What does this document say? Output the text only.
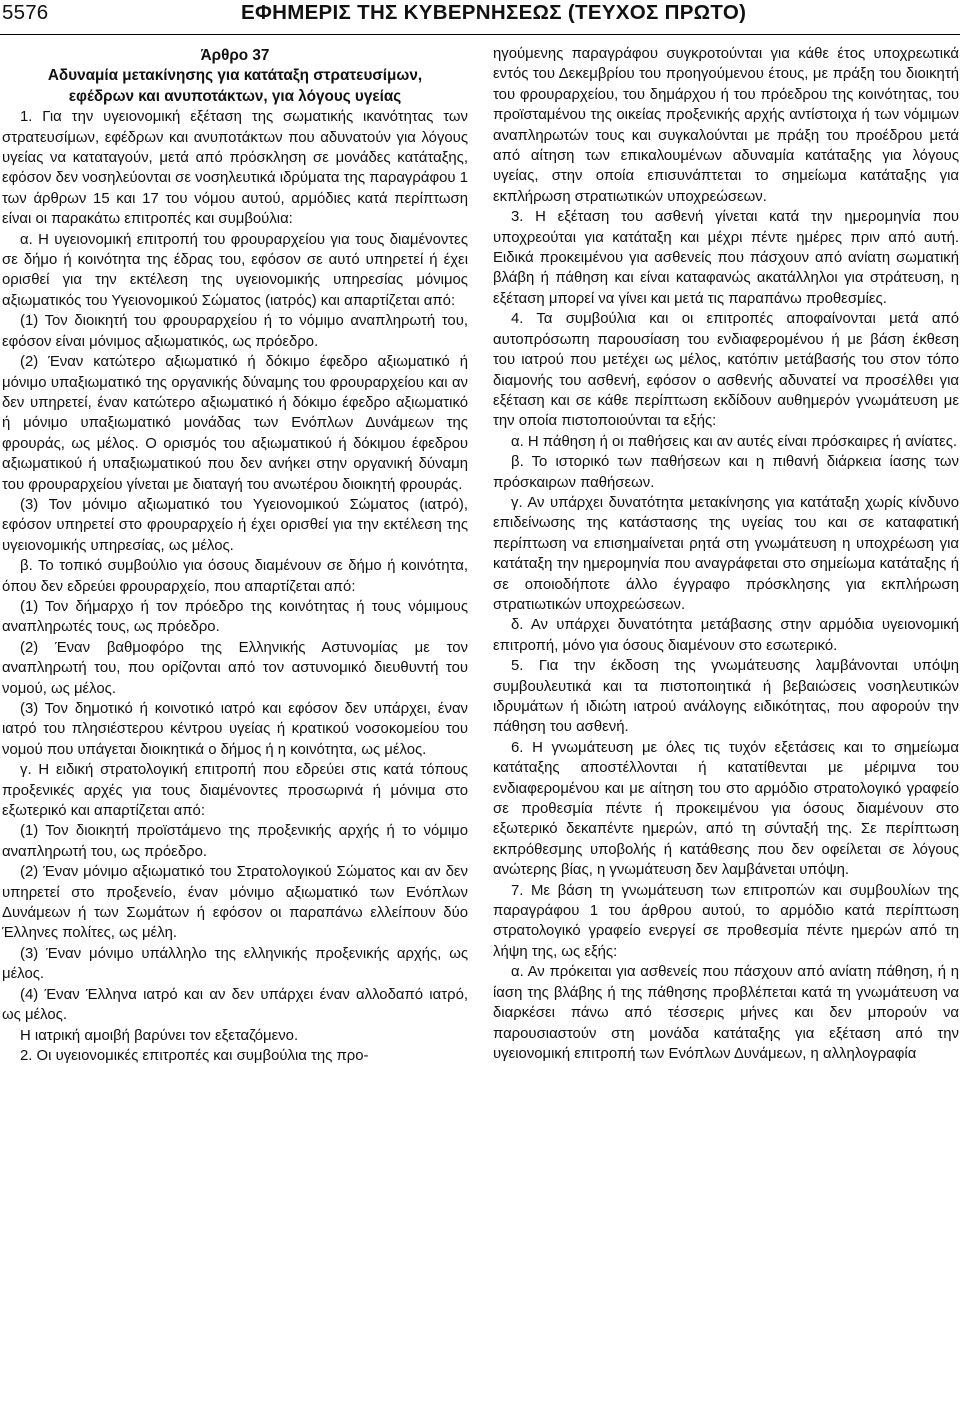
5576	ΕΦΗΜΕΡΙΣ ΤΗΣ ΚΥΒΕΡΝΗΣΕΩΣ (ΤΕΥΧΟΣ ΠΡΩΤΟ)

Άρθρο 37

Αδυναμία μετακίνησης για κατάταξη στρατευσίμων,

εφέδρων και ανυποτάκτων, για λόγους υγείας

1. Για την υγειονομική εξέταση της σωματικής ικανότητας των στρατευσίμων, εφέδρων και ανυποτάκτων που αδυνατούν για λόγους υγείας να καταταγούν, μετά από πρόσκληση σε μονάδες κατάταξης, εφόσον δεν νοσηλεύονται σε νοσηλευτικά ιδρύματα της παραγράφου 1 των άρθρων 15 και 17 του νόμου αυτού, αρμόδιες κατά περίπτωση είναι οι παρακάτω επιτροπές και συμβούλια:

α. Η υγειονομική επιτροπή του φρουραρχείου για τους διαμένοντες σε δήμο ή κοινότητα της έδρας του, εφόσον σε αυτό υπηρετεί ή έχει ορισθεί για την εκτέλεση της υγειονομικής υπηρεσίας μόνιμος αξιωματικός του Υγειονομικού Σώματος (ιατρός) και απαρτίζεται από:

(1) Τον διοικητή του φρουραρχείου ή το νόμιμο αναπληρωτή του, εφόσον είναι μόνιμος αξιωματικός, ως πρόεδρο.

(2) Έναν κατώτερο αξιωματικό ή δόκιμο έφεδρο αξιωματικό ή μόνιμο υπαξιωματικό της οργανικής δύναμης του φρουραρχείου και αν δεν υπηρετεί, έναν κατώτερο αξιωματικό ή δόκιμο έφεδρο αξιωματικό ή μόνιμο υπαξιωματικό μονάδας των Ενόπλων Δυνάμεων της φρουράς, ως μέλος. Ο ορισμός του αξιωματικού ή δόκιμου έφεδρου αξιωματικού ή υπαξιωματικού που δεν ανήκει στην οργανική δύναμη του φρουραρχείου γίνεται με διαταγή του ανωτέρου διοικητή φρουράς.

(3) Τον μόνιμο αξιωματικό του Υγειονομικού Σώματος (ιατρό), εφόσον υπηρετεί στο φρουραρχείο ή έχει ορισθεί για την εκτέλεση της υγειονομικής υπηρεσίας, ως μέλος.

β. Το τοπικό συμβούλιο για όσους διαμένουν σε δήμο ή κοινότητα, όπου δεν εδρεύει φρουραρχείο, που απαρτίζεται από:

(1) Τον δήμαρχο ή τον πρόεδρο της κοινότητας ή τους νόμιμους αναπληρωτές τους, ως πρόεδρο.

(2) Έναν βαθμοφόρο της Ελληνικής Αστυνομίας με τον αναπληρωτή του, που ορίζονται από τον αστυνομικό διευθυντή του νομού, ως μέλος.

(3) Τον δημοτικό ή κοινοτικό ιατρό και εφόσον δεν υπάρχει, έναν ιατρό του πλησιέστερου κέντρου υγείας ή κρατικού νοσοκομείου του νομού που υπάγεται διοικητικά ο δήμος ή η κοινότητα, ως μέλος.

γ. Η ειδική στρατολογική επιτροπή που εδρεύει στις κατά τόπους προξενικές αρχές για τους διαμένοντες προσωρινά ή μόνιμα στο εξωτερικό και απαρτίζεται από:

(1) Τον διοικητή προϊστάμενο της προξενικής αρχής ή το νόμιμο αναπληρωτή του, ως πρόεδρο.

(2) Έναν μόνιμο αξιωματικό του Στρατολογικού Σώματος και αν δεν υπηρετεί στο προξενείο, έναν μόνιμο αξιωματικό των Ενόπλων Δυνάμεων ή των Σωμάτων ή εφόσον οι παραπάνω ελλείπουν δύο Έλληνες πολίτες, ως μέλη.

(3) Έναν μόνιμο υπάλληλο της ελληνικής προξενικής αρχής, ως μέλος.

(4) Έναν Έλληνα ιατρό και αν δεν υπάρχει έναν αλλοδαπό ιατρό, ως μέλος.

Η ιατρική αμοιβή βαρύνει τον εξεταζόμενο.

2. Οι υγειονομικές επιτροπές και συμβούλια της προ-

ηγούμενης παραγράφου συγκροτούνται για κάθε έτος υποχρεωτικά εντός του Δεκεμβρίου του προηγούμενου έτους, με πράξη του διοικητή του φρουραρχείου, του δημάρχου ή του πρόεδρου της κοινότητας, του προϊσταμένου της οικείας προξενικής αρχής αντίστοιχα ή των νόμιμων αναπληρωτών τους και συγκαλούνται με πράξη του προέδρου μετά από αίτηση των επικαλουμένων αδυναμία κατάταξης για λόγους υγείας, στην οποία επισυνάπτεται το σημείωμα κατάταξης για εκπλήρωση στρατιωτικών υποχρεώσεων.

3. Η εξέταση του ασθενή γίνεται κατά την ημερομηνία που υποχρεούται για κατάταξη και μέχρι πέντε ημέρες πριν από αυτή. Ειδικά προκειμένου για ασθενείς που πάσχουν από ανίατη σωματική βλάβη ή πάθηση και είναι καταφανώς ακατάλληλοι για στράτευση, η εξέταση μπορεί να γίνει και μετά τις παραπάνω προθεσμίες.

4. Τα συμβούλια και οι επιτροπές αποφαίνονται μετά από αυτοπρόσωπη παρουσίαση του ενδιαφερομένου ή με βάση έκθεση του ιατρού που μετέχει ως μέλος, κατόπιν μετάβασής του στον τόπο διαμονής του ασθενή, εφόσον ο ασθενής αδυνατεί να προσέλθει για εξέταση και σε κάθε περίπτωση εκδίδουν αυθημερόν γνωμάτευση με την οποία πιστοποιούνται τα εξής:

α. Η πάθηση ή οι παθήσεις και αν αυτές είναι πρόσκαιρες ή ανίατες.

β. Το ιστορικό των παθήσεων και η πιθανή διάρκεια ίασης των πρόσκαιρων παθήσεων.

γ. Αν υπάρχει δυνατότητα μετακίνησης για κατάταξη χωρίς κίνδυνο επιδείνωσης της κατάστασης της υγείας του και σε καταφατική περίπτωση να επισημαίνεται ρητά στη γνωμάτευση η υποχρέωση για κατάταξη την ημερομηνία που αναγράφεται στο σημείωμα κατάταξης ή σε οποιοδήποτε άλλο έγγραφο πρόσκλησης για εκπλήρωση στρατιωτικών υποχρεώσεων.

δ. Αν υπάρχει δυνατότητα μετάβασης στην αρμόδια υγειονομική επιτροπή, μόνο για όσους διαμένουν στο εσωτερικό.

5. Για την έκδοση της γνωμάτευσης λαμβάνονται υπόψη συμβουλευτικά και τα πιστοποιητικά ή βεβαιώσεις νοσηλευτικών ιδρυμάτων ή ιδιώτη ιατρού ανάλογης ειδικότητας, που αφορούν την πάθηση του ασθενή.

6. Η γνωμάτευση με όλες τις τυχόν εξετάσεις και το σημείωμα κατάταξης αποστέλλονται ή κατατίθενται με μέριμνα του ενδιαφερομένου και με αίτηση του στο αρμόδιο στρατολογικό γραφείο σε προθεσμία πέντε ή προκειμένου για όσους διαμένουν στο εξωτερικό δεκαπέντε ημερών, από τη σύνταξή της. Σε περίπτωση εκπρόθεσμης υποβολής ή κατάθεσης που δεν οφείλεται σε λόγους ανώτερης βίας, η γνωμάτευση δεν λαμβάνεται υπόψη.

7. Με βάση τη γνωμάτευση των επιτροπών και συμβουλίων της παραγράφου 1 του άρθρου αυτού, το αρμόδιο κατά περίπτωση στρατολογικό γραφείο ενεργεί σε προθεσμία πέντε ημερών από τη λήψη της, ως εξής:

α. Αν πρόκειται για ασθενείς που πάσχουν από ανίατη πάθηση, ή η ίαση της βλάβης ή της πάθησης προβλέπεται κατά τη γνωμάτευση να διαρκέσει πάνω από τέσσερις μήνες και δεν μπορούν να παρουσιαστούν στη μονάδα κατάταξης για εξέταση από την υγειονομική επιτροπή των Ενόπλων Δυνάμεων, η αλληλογραφία
